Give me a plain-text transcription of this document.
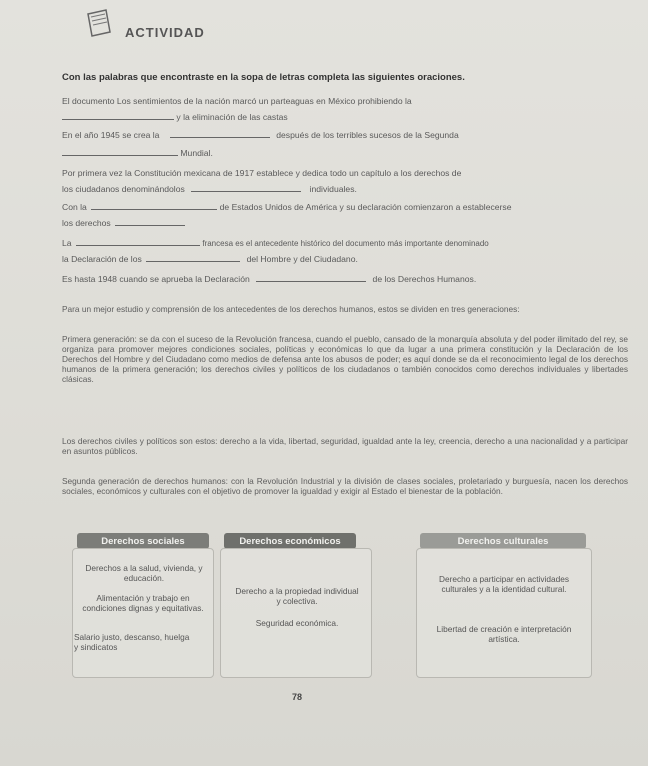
ACTIVIDAD
Con las palabras que encontraste en la sopa de letras completa las siguientes oraciones.
El documento Los sentimientos de la nación marcó un parteaguas en México prohibiendo la
y la eliminación de las castas
En el año 1945 se crea la	después de los terribles sucesos de la Segunda
Mundial.
Por primera vez la Constitución mexicana de 1917 establece y dedica todo un capítulo a los derechos de
los ciudadanos denominándolos	individuales.
Con la	de Estados Unidos de América y su declaración comienzaron a establecerse
los derechos
La	francesa es el antecedente histórico del documento más importante denominado
la Declaración de los	del Hombre y del Ciudadano.
Es hasta 1948 cuando se aprueba la Declaración	de los Derechos Humanos.
Para un mejor estudio y comprensión de los antecedentes de los derechos humanos, estos se dividen en tres generaciones:
Primera generación: se da con el suceso de la Revolución francesa, cuando el pueblo, cansado de la monarquía absoluta y del poder ilimitado del rey, se organiza para promover mejores condiciones sociales, políticas y económicas lo que da lugar a una primera constitución y la Declaración de los Derechos del Hombre y del Ciudadano como medios de defensa ante los abusos de poder; es aquí donde se da el reconocimiento legal de los derechos humanos de la primera generación; los derechos civiles y políticos de los ciudadanos o también conocidos como derechos individuales y libertades clásicas.
Los derechos civiles y políticos son estos: derecho a la vida, libertad, seguridad, igualdad ante la ley, creencia, derecho a una nacionalidad y a participar en asuntos públicos.
Segunda generación de derechos humanos: con la Revolución Industrial y la división de clases sociales, proletariado y burguesía, nacen los derechos sociales, económicos y culturales con el objetivo de promover la igualdad y exigir al Estado el bienestar de la población.
Derechos sociales	Derechos económicos	Derechos culturales
Derechos a la salud, vivienda, y educación.
Alimentación y trabajo en condiciones dignas y equitativas.
Salario justo, descanso, huelga y sindicatos
Derecho a la propiedad individual y colectiva.
Seguridad económica.
Derecho a participar en actividades culturales y a la identidad cultural.
Libertad de creación e interpretación artística.
78
